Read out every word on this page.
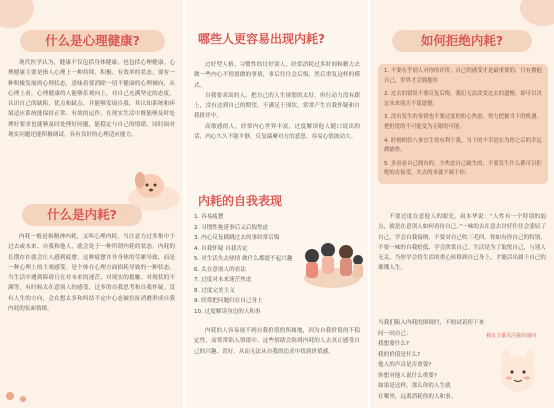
什么是心理健康?

现代医学认为，健康不仅包括身体健康，也包括心理健康。心理健康主要是指人心理上一种持续、积极、有效率的状态。要有一种积极发展的心理状态，意味着要消除一切不健康的心理倾向，从心理上看，心理健康的人能够乐观向上，对自己充满坚定的态度，认识自己的缺陷，优点和缺点，并能够发展自我。其认知系统和环境适应系统能保持正常、有效的运作。在现实生活中既能够及时处理好要求也能够及时处理好问题，能稳定与自己的情绪，同时面对现实问题还能积极调试，具有良好的心理适应能力。

什么是内耗?

内耗一般是指精神内耗，又叫心理内耗。当注意力过多集中于过去或未来、自我和他人，就会处于一种所谓内耗的状态。内耗的长期存在就会让人感到疲惫。这种疲惫并非身体的劳累导致，而是一种心理上的主观感受。是个体在心理方面损耗导致的一种状态。当生活中遇到障碍且在对未来的迷茫、对现实的抵触、对现状的不满等。有时候太在意别人的感受，过多的自我思考和自我怀疑。没有人生的方向，会在想太多和纠结不定中心态被拉扯消磨形成自我内耗的负面情绪。

哪些人更容易出现内耗?

过好型人格。习惯性的讨好别人，经常消耗过多时间和精力去做一些内心不情愿做的事情，事后往往会后悔，然后重复这样的模式。

自我要求高的人。把自己的人生规划的太好，但行动力没有跟上，没有达到自己的期望，不满足于现状，常常产生自我怀疑和自我批评中。

高敏感的人。经常内心世界丰富，过度解读他人随口说出的话，内心久久不能平静，反复揣摩对方的意思，容易心情波动大。

内耗的自我表现
1. 容易疲惫
2. 习惯性拖延事后又后悔焦虑
3. 内心反复横跳过去的事经常后悔
4. 自我怀疑 自我否定
5. 对生活失去热情 做什么都提不起兴趣
6. 太在意别人的看法
7. 过度对未来迷茫焦虑
8. 过度完美主义
9. 经常把问题归在自己身上
10. 过度解读身边的人和事

内耗的人容易视不到自我价值的所属地，因为自我价值的不稳定性，而常常陷入情绪中。这些情绪会阻碍内耗的人去真正感受自己的兴趣、喜好，从而无法从自我的追求中找到价值感。

如何拒绝内耗?
1. 不要在乎别人对你的评价，自己的感受才是最重要的，只有拥抱自己，世界才会拥抱你
2. 过去的错误不要反复后悔，我们无法改变过去的遗憾，却可以决定未来能否不留遗憾。
3. 没有发生的事情也不要过度的担心焦虑，努力把握当下的机遇，把担忧的不可能变为无限的可能。
4. 时刻相信八事宜生皆有利于我，当下的不幸是在为你之后的幸运做铺垫。
5. 多看看自己拥有的，少焦虑自己缺失的，不要发生什么都可以拒绝的去接受，失去的本就不属于你。

不要过度在意他人的眼光，叔本华说：“人性有一个特别的弱点，就是在意别人如何看待自己。”一味的去在意去讨好往往会委屈了自己，学会自我接纳，不要对自己吹三毛四，你如有你自己的特别，不要一味的自我贬低，学会欣赏自己。生活是为了取悦自己，与别人无关，当你学会将生活的重心转移到自己身上，才能活出属于自己的璀璨人生。

当我们陷入内耗的困境时，不妨试着停下来
问一问自己：
我想要什么?
我的价值是什么?
他人的声音是否重要?
你想对他人说什么重要?
如果是这样，那么你的人生就
在哪里，远离消耗你的人和事。
我有力量关注我的请问
